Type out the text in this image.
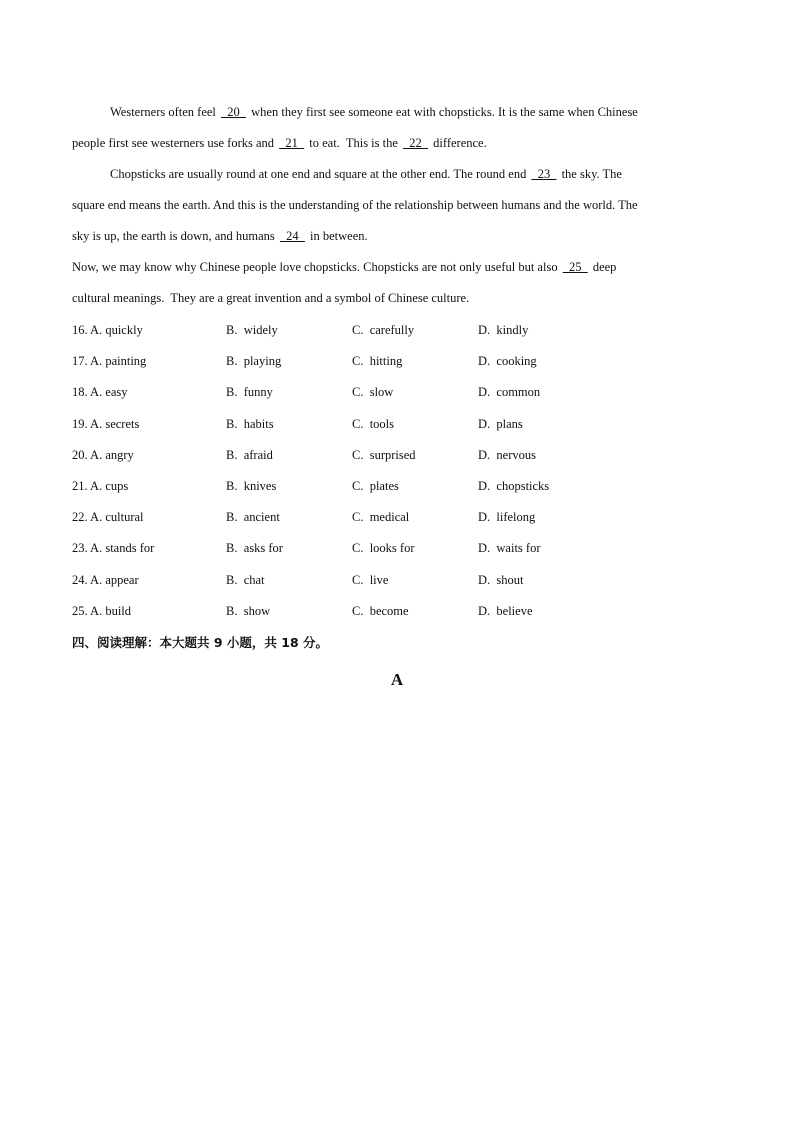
Westerners often feel   20   when they first see someone eat with chopsticks. It is the same when Chinese
people first see westerners use forks and   21   to eat.  This is the   22   difference.
Chopsticks are usually round at one end and square at the other end. The round end   23   the sky. The
square end means the earth. And this is the understanding of the relationship between humans and the world. The
sky is up, the earth is down, and humans   24   in between.
Now, we may know why Chinese people love chopsticks. Chopsticks are not only useful but also   25   deep
cultural meanings.  They are a great invention and a symbol of Chinese culture.
16. A. quickly	B.  widely	C.  carefully	D.  kindly
17. A. painting	B.  playing	C.  hitting	D.  cooking
18. A. easy	B.  funny	C.  slow	D.  common
19. A. secrets	B.  habits	C.  tools	D.  plans
20. A. angry	B.  afraid	C.  surprised	D.  nervous
21. A. cups	B.  knives	C.  plates	D.  chopsticks
22. A. cultural	B.  ancient	C.  medical	D.  lifelong
23. A. stands for	B.  asks for	C.  looks for	D.  waits for
24. A. appear	B.  chat	C.  live	D.  shout
25. A. build	B.  show	C.  become	D.  believe
四、阅读理解：本大题共 9 小题，共 18 分。
A
